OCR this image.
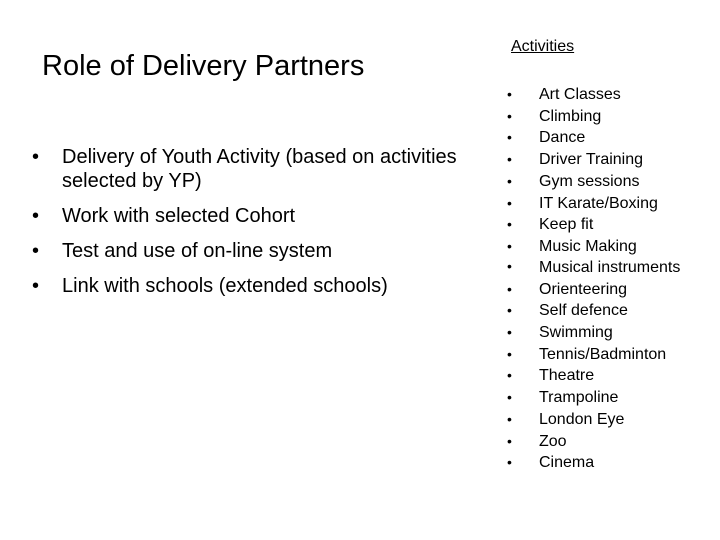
Role of Delivery Partners
• Delivery of Youth Activity (based on activities selected by YP)
• Work with selected Cohort
• Test and use of on-line system
• Link with schools (extended schools)
Activities
• Art Classes
• Climbing
• Dance
• Driver Training
• Gym sessions
• IT Karate/Boxing
• Keep fit
• Music Making
• Musical instruments
• Orienteering
• Self defence
• Swimming
• Tennis/Badminton
• Theatre
• Trampoline
• London Eye
• Zoo
• Cinema
